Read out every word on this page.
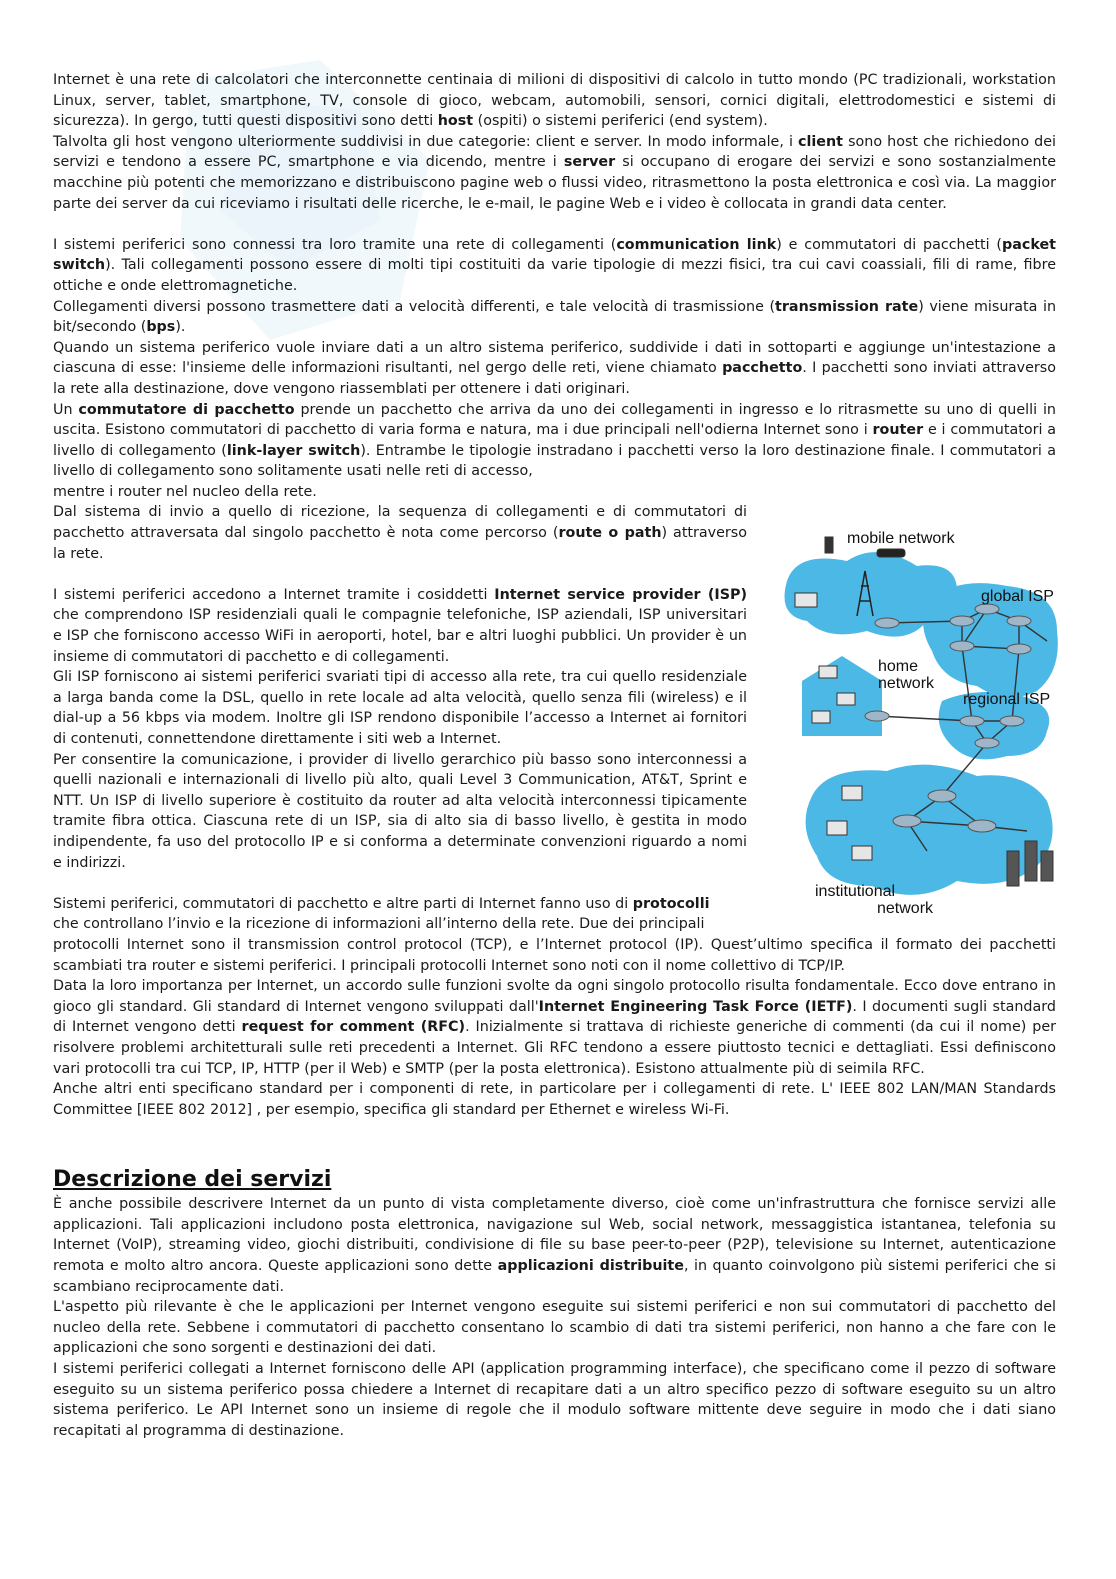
Internet è una rete di calcolatori che interconnette centinaia di milioni di dispositivi di calcolo in tutto mondo (PC tradizionali, workstation Linux, server, tablet, smartphone, TV, console di gioco, webcam, automobili, sensori, cornici digitali, elettrodomestici e sistemi di sicurezza). In gergo, tutti questi dispositivi sono detti host (ospiti) o sistemi periferici (end system).

Talvolta gli host vengono ulteriormente suddivisi in due categorie: client e server. In modo informale, i client sono host che richiedono dei servizi e tendono a essere PC, smartphone e via dicendo, mentre i server si occupano di erogare dei servizi e sono sostanzialmente macchine più potenti che memorizzano e distribuiscono pagine web o flussi video, ritrasmettono la posta elettronica e così via. La maggior parte dei server da cui riceviamo i risultati delle ricerche, le e-mail, le pagine Web e i video è collocata in grandi data center.

I sistemi periferici sono connessi tra loro tramite una rete di collegamenti (communication link) e commutatori di pacchetti (packet switch). Tali collegamenti possono essere di molti tipi costituiti da varie tipologie di mezzi fisici, tra cui cavi coassiali, fili di rame, fibre ottiche e onde elettromagnetiche.

Collegamenti diversi possono trasmettere dati a velocità differenti, e tale velocità di trasmissione (transmission rate) viene misurata in bit/secondo (bps).

Quando un sistema periferico vuole inviare dati a un altro sistema periferico, suddivide i dati in sottoparti e aggiunge un'intestazione a ciascuna di esse: l'insieme delle informazioni risultanti, nel gergo delle reti, viene chiamato pacchetto. I pacchetti sono inviati attraverso la rete alla destinazione, dove vengono riassemblati per ottenere i dati originari.

Un commutatore di pacchetto prende un pacchetto che arriva da uno dei collegamenti in ingresso e lo ritrasmette su uno di quelli in uscita. Esistono commutatori di pacchetto di varia forma e natura, ma i due principali nell'odierna Internet sono i router e i commutatori a livello di collegamento (link-layer switch). Entrambe le tipologie instradano i pacchetti verso la loro destinazione finale. I commutatori a livello di collegamento sono solitamente usati nelle reti di accesso,

mentre i router nel nucleo della rete.

Dal sistema di invio a quello di ricezione, la sequenza di collegamenti e di commutatori di pacchetto attraversata dal singolo pacchetto è nota come percorso (route o path) attraverso la rete.

I sistemi periferici accedono a Internet tramite i cosiddetti Internet service provider (ISP) che comprendono ISP residenziali quali le compagnie telefoniche, ISP aziendali, ISP universitari e ISP che forniscono accesso WiFi in aeroporti, hotel, bar e altri luoghi pubblici. Un provider è un insieme di commutatori di pacchetto e di collegamenti.

Gli ISP forniscono ai sistemi periferici svariati tipi di accesso alla rete, tra cui quello residenziale a larga banda come la DSL, quello in rete locale ad alta velocità, quello senza fili (wireless) e il dial-up a 56 kbps via modem. Inoltre gli ISP rendono disponibile l’accesso a Internet ai fornitori di contenuti, connettendone direttamente i siti web a Internet.

Per consentire la comunicazione, i provider di livello gerarchico più basso sono interconnessi a quelli nazionali e internazionali di livello più alto, quali Level 3 Communication, AT&T, Sprint e NTT. Un ISP di livello superiore è costituito da router ad alta velocità interconnessi tipicamente tramite fibra ottica. Ciascuna rete di un ISP, sia di alto sia di basso livello, è gestita in modo indipendente, fa uso del protocollo IP e si conforma a determinate convenzioni riguardo a nomi e indirizzi.

Sistemi periferici, commutatori di pacchetto e altre parti di Internet fanno uso di protocolli

che controllano l’invio e la ricezione di informazioni all’interno della rete. Due dei principali

protocolli Internet sono il transmission control protocol (TCP), e l’Internet protocol (IP). Quest’ultimo specifica il formato dei pacchetti scambiati tra router e sistemi periferici. I principali protocolli Internet sono noti con il nome collettivo di TCP/IP.

Data la loro importanza per Internet, un accordo sulle funzioni svolte da ogni singolo protocollo risulta fondamentale. Ecco dove entrano in gioco gli standard. Gli standard di Internet vengono sviluppati dall'Internet Engineering Task Force (IETF). I documenti sugli standard di Internet vengono detti request for comment (RFC). Inizialmente si trattava di richieste generiche di commenti (da cui il nome) per risolvere problemi architetturali sulle reti precedenti a Internet. Gli RFC tendono a essere piuttosto tecnici e dettagliati. Essi definiscono vari protocolli tra cui TCP, IP, HTTP (per il Web) e SMTP (per la posta elettronica). Esistono attualmente più di seimila RFC.

Anche altri enti specificano standard per i componenti di rete, in particolare per i collegamenti di rete. L' IEEE 802 LAN/MAN Standards Committee [IEEE 802 2012] , per esempio, specifica gli standard per Ethernet e wireless Wi-Fi.

Descrizione dei servizi

È anche possibile descrivere Internet da un punto di vista completamente diverso, cioè come un'infrastruttura che fornisce servizi alle applicazioni. Tali applicazioni includono posta elettronica, navigazione sul Web, social network, messaggistica istantanea, telefonia su Internet (VoIP), streaming video, giochi distribuiti, condivisione di file su base peer-to-peer (P2P), televisione su Internet, autenticazione remota e molto altro ancora. Queste applicazioni sono dette applicazioni distribuite, in quanto coinvolgono più sistemi periferici che si scambiano reciprocamente dati.

L'aspetto più rilevante è che le applicazioni per Internet vengono eseguite sui sistemi periferici e non sui commutatori di pacchetto del nucleo della rete. Sebbene i commutatori di pacchetto consentano lo scambio di dati tra sistemi periferici, non hanno a che fare con le applicazioni che sono sorgenti e destinazioni dei dati.

I sistemi periferici collegati a Internet forniscono delle API (application programming interface), che specificano come il pezzo di software eseguito su un sistema periferico possa chiedere a Internet di recapitare dati a un altro specifico pezzo di software eseguito su un altro sistema periferico. Le API Internet sono un insieme di regole che il modulo software mittente deve seguire in modo che i dati siano recapitati al programma di destinazione.

mobile network
global ISP
home
network
regional ISP
institutional
network
